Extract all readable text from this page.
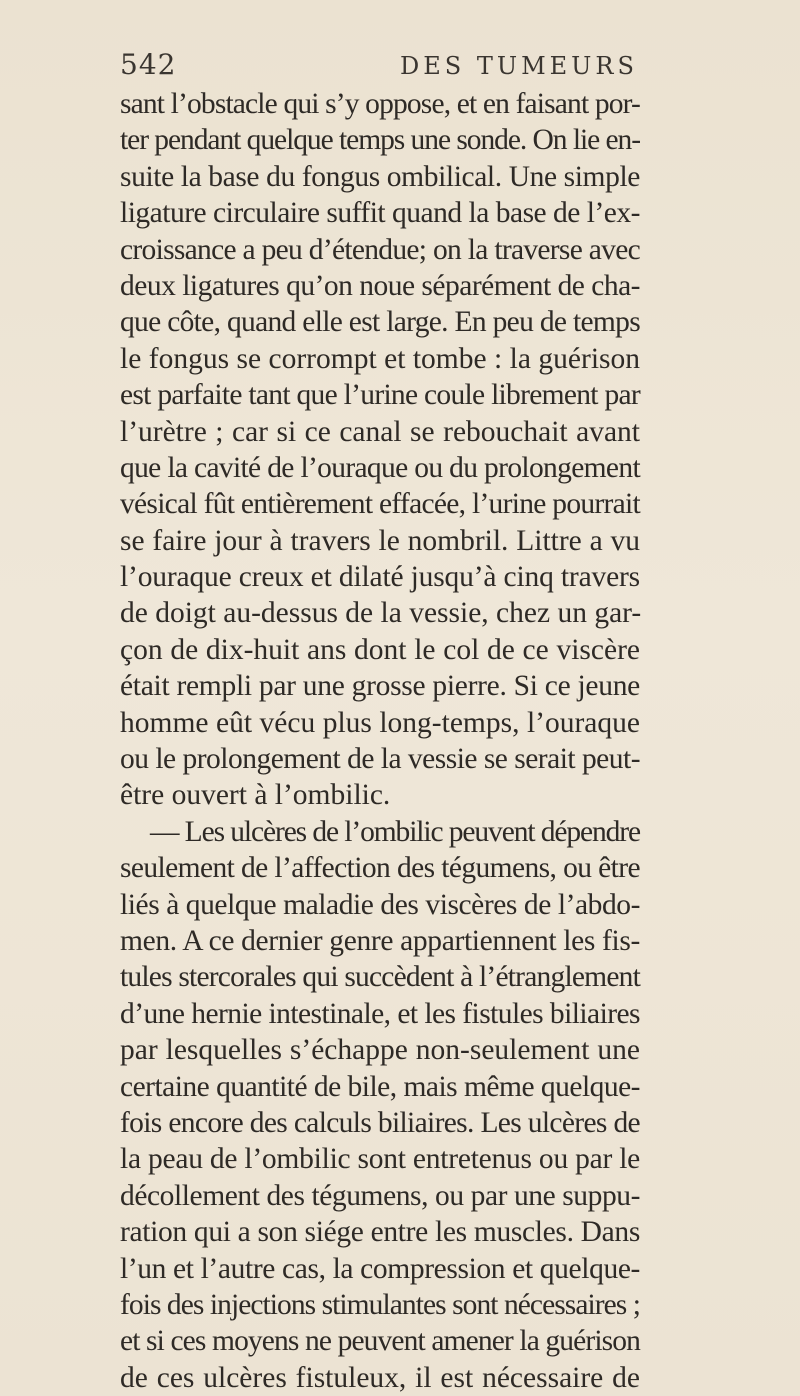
542	DES TUMEURS
sant l’obstacle qui s’y oppose, et en faisant por-
ter pendant quelque temps une sonde. On lie en-
suite la base du fongus ombilical. Une simple
ligature circulaire suffit quand la base de l’ex-
croissance a peu d’étendue; on la traverse avec
deux ligatures qu’on noue séparément de cha-
que côte, quand elle est large. En peu de temps
le fongus se corrompt et tombe : la guérison
est parfaite tant que l’urine coule librement par
l’urètre ; car si ce canal se rebouchait avant
que la cavité de l’ouraque ou du prolongement
vésical fût entièrement effacée, l’urine pourrait
se faire jour à travers le nombril. Littre a vu
l’ouraque creux et dilaté jusqu’à cinq travers
de doigt au-dessus de la vessie, chez un gar-
çon de dix-huit ans dont le col de ce viscère
était rempli par une grosse pierre. Si ce jeune
homme eût vécu plus long-temps, l’ouraque
ou le prolongement de la vessie se serait peut-
être ouvert à l’ombilic.
— Les ulcères de l’ombilic peuvent dépendre
seulement de l’affection des tégumens, ou être
liés à quelque maladie des viscères de l’abdo-
men. A ce dernier genre appartiennent les fis-
tules stercorales qui succèdent à l’étranglement
d’une hernie intestinale, et les fistules biliaires
par lesquelles s’échappe non-seulement une
certaine quantité de bile, mais même quelque-
fois encore des calculs biliaires. Les ulcères de
la peau de l’ombilic sont entretenus ou par le
décollement des tégumens, ou par une suppu-
ration qui a son siége entre les muscles. Dans
l’un et l’autre cas, la compression et quelque-
fois des injections stimulantes sont nécessaires ;
et si ces moyens ne peuvent amener la guérison
de ces ulcères fistuleux, il est nécessaire de
